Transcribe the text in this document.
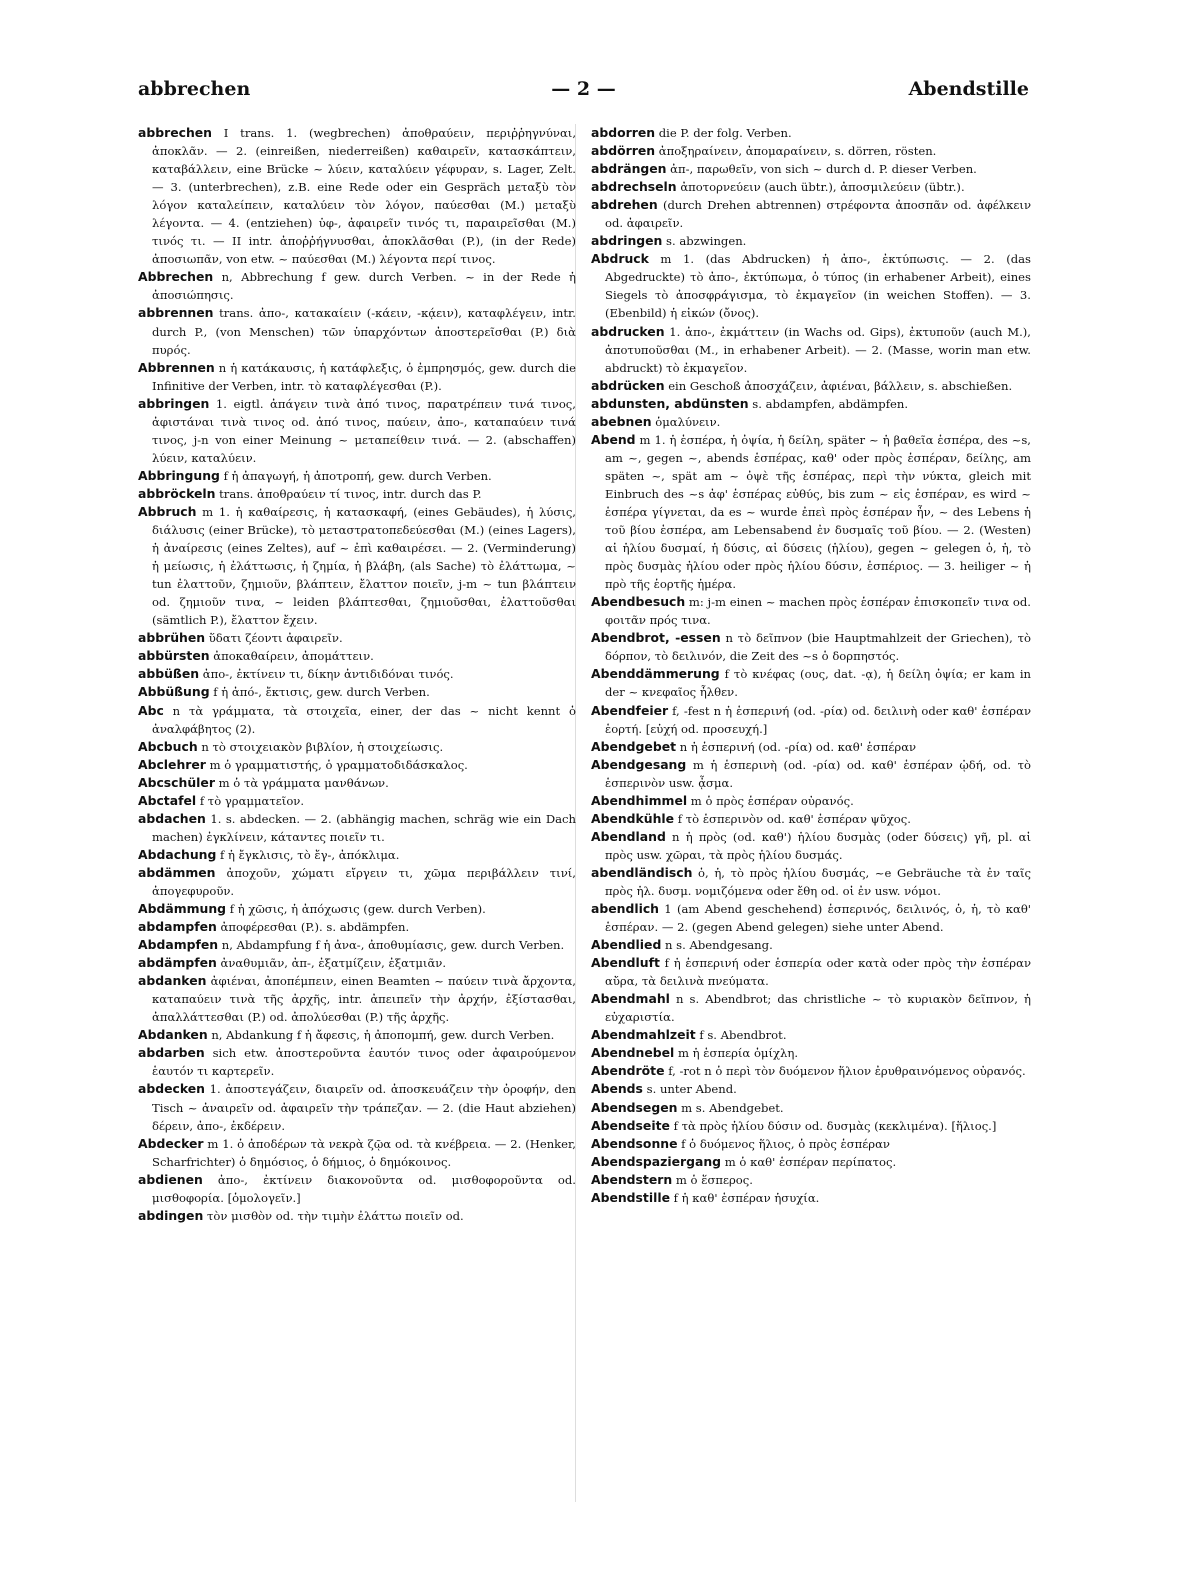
abbrechen	— 2 —	Abendstille

abbrechen I trans. 1. (wegbrechen) ἀποθραύειν, περιῤῥηγνύναι, ἀποκλᾶν. — 2. (einreißen, niederreißen) καθαιρεῖν, κατασκάπτειν, καταβάλλειν, eine Brücke ~ λύειν, καταλύειν γέφυραν, s. Lager, Zelt. — 3. (unterbrechen), z.B. eine Rede oder ein Gespräch μεταξὺ τὸν λόγον καταλείπειν, καταλύειν τὸν λόγον, παύεσθαι (M.) μεταξὺ λέγοντα. — 4. (entziehen) ὑφ-, ἀφαιρεῖν τινός τι, παραιρεῖσθαι (M.) τινός τι. — II intr. ἀποῤῥήγνυσθαι, ἀποκλᾶσθαι (P.), (in der Rede) ἀποσιωπᾶν, von etw. ~ παύεσθαι (M.) λέγοντα περί τινος.

Abbrechen n, Abbrechung f gew. durch Verben. ~ in der Rede ἡ ἀποσιώπησις.

abbrennen trans. ἀπο-, κατακαίειν (-κάειν, -κᾴειν), καταφλέγειν, intr. durch P., (von Menschen) τῶν ὑπαρχόντων ἀποστερεῖσθαι (P.) διὰ πυρός.

Abbrennen n ἡ κατάκαυσις, ἡ κατάφλεξις, ὁ ἐμπρησμός, gew. durch die Infinitive der Verben, intr. τὸ καταφλέγεσθαι (P.).

abbringen 1. eigtl. ἀπάγειν τινὰ ἀπό τινος, παρατρέπειν τινά τινος, ἀφιστάναι τινὰ τινος od. ἀπό τινος, παύειν, ἀπο-, καταπαύειν τινά τινος, j-n von einer Meinung ~ μεταπείθειν τινά. — 2. (abschaffen) λύειν, καταλύειν.

Abbringung f ἡ ἀπαγωγή, ἡ ἀποτροπή, gew. durch Verben.

abbröckeln trans. ἀποθραύειν τί τινος, intr. durch das P.

Abbruch m 1. ἡ καθαίρεσις, ἡ κατασκαφή, (eines Gebäudes), ἡ λύσις, διάλυσις (einer Brücke), τὸ μεταστρατοπεδεύεσθαι (M.) (eines Lagers), ἡ ἀναίρεσις (eines Zeltes), auf ~ ἐπὶ καθαιρέσει. — 2. (Verminderung) ἡ μείωσις, ἡ ἐλάττωσις, ἡ ζημία, ἡ βλάβη, (als Sache) τὸ ἐλάττωμα, ~ tun ἐλαττοῦν, ζημιοῦν, βλάπτειν, ἔλαττον ποιεῖν, j-m ~ tun βλάπτειν od. ζημιοῦν τινα, ~ leiden βλάπτεσθαι, ζημιοῦσθαι, ἐλαττοῦσθαι (sämtlich P.), ἔλαττον ἔχειν.

abbrühen ὕδατι ζέοντι ἀφαιρεῖν.

abbürsten ἀποκαθαίρειν, ἀπομάττειν.

abbüßen ἀπο-, ἐκτίνειν τι, δίκην ἀντιδιδόναι τινός.

Abbüßung f ἡ ἀπό-, ἔκτισις, gew. durch Verben.

Abc n τὰ γράμματα, τὰ στοιχεῖα, einer, der das ~ nicht kennt ὁ ἀναλφάβητος (2).

Abcbuch n τὸ στοιχειακὸν βιβλίον, ἡ στοιχείωσις.

Abclehrer m ὁ γραμματιστής, ὁ γραμματοδιδάσκαλος.

Abcschüler m ὁ τὰ γράμματα μανθάνων.

Abctafel f τὸ γραμματεῖον.

abdachen 1. s. abdecken. — 2. (abhängig machen, schräg wie ein Dach machen) ἐγκλίνειν, κάταντες ποιεῖν τι.

Abdachung f ἡ ἔγκλισις, τὸ ἔγ-, ἀπόκλιμα.

abdämmen ἀποχοῦν, χώματι εἴργειν τι, χῶμα περιβάλλειν τινί, ἀπογεφυροῦν.

Abdämmung f ἡ χῶσις, ἡ ἀπόχωσις (gew. durch Verben).

abdampfen ἀποφέρεσθαι (P.). s. abdämpfen.

Abdampfen n, Abdampfung f ἡ ἀνα-, ἀποθυμίασις, gew. durch Verben.

abdämpfen ἀναθυμιᾶν, ἀπ-, ἐξατμίζειν, ἐξατμιᾶν.

abdanken ἀφιέναι, ἀποπέμπειν, einen Beamten ~ παύειν τινὰ ἄρχοντα, καταπαύειν τινὰ τῆς ἀρχῆς, intr. ἀπειπεῖν τὴν ἀρχήν, ἐξίστασθαι, ἀπαλλάττεσθαι (P.) od. ἀπολύεσθαι (P.) τῆς ἀρχῆς.

Abdanken n, Abdankung f ἡ ἄφεσις, ἡ ἀποπομπή, gew. durch Verben.

abdarben sich etw. ἀποστεροῦντα ἑαυτόν τινος oder ἀφαιρούμενον ἑαυτόν τι καρτερεῖν.

abdecken 1. ἀποστεγάζειν, διαιρεῖν od. ἀποσκευάζειν τὴν ὀροφήν, den Tisch ~ ἀναιρεῖν od. ἀφαιρεῖν τὴν τράπεζαν. — 2. (die Haut abziehen) δέρειν, ἀπο-, ἐκδέρειν.

Abdecker m 1. ὁ ἀποδέρων τὰ νεκρὰ ζῷα od. τὰ κνέβρεια. — 2. (Henker, Scharfrichter) ὁ δημόσιος, ὁ δήμιος, ὁ δημόκοινος.

abdienen ἀπο-, ἐκτίνειν διακονοῦντα od. μισθοφοροῦντα od. μισθοφορία. [ὁμολογεῖν.]

abdingen τὸν μισθὸν od. τὴν τιμὴν ἐλάττω ποιεῖν od.

abdorren die P. der folg. Verben.

abdörren ἀποξηραίνειν, ἀπομαραίνειν, s. dörren, rösten.

abdrängen ἀπ-, παρωθεῖν, von sich ~ durch d. P. dieser Verben.

abdrechseln ἀποτορνεύειν (auch übtr.), ἀποσμιλεύειν (übtr.).

abdrehen (durch Drehen abtrennen) στρέφοντα ἀποσπᾶν od. ἀφέλκειν od. ἀφαιρεῖν.

abdringen s. abzwingen.

Abdruck m 1. (das Abdrucken) ἡ ἀπο-, ἐκτύπωσις. — 2. (das Abgedruckte) τὸ ἀπο-, ἐκτύπωμα, ὁ τύπος (in erhabener Arbeit), eines Siegels τὸ ἀποσφράγισμα, τὸ ἐκμαγεῖον (in weichen Stoffen). — 3. (Ebenbild) ἡ εἰκών (ὄνος).

abdrucken 1. ἀπο-, ἐκμάττειν (in Wachs od. Gips), ἐκτυποῦν (auch M.), ἀποτυποῦσθαι (M., in erhabener Arbeit). — 2. (Masse, worin man etw. abdruckt) τὸ ἐκμαγεῖον.

abdrücken ein Geschoß ἀποσχάζειν, ἀφιέναι, βάλλειν, s. abschießen.

abdunsten, abdünsten s. abdampfen, abdämpfen.

abebnen ὁμαλύνειν.

Abend m 1. ἡ ἑσπέρα, ἡ ὀψία, ἡ δείλη, später ~ ἡ βαθεῖα ἑσπέρα, des ~s, am ~, gegen ~, abends ἑσπέρας, καθ' oder πρὸς ἑσπέραν, δείλης, am späten ~, spät am ~ ὀψὲ τῆς ἑσπέρας, περὶ τὴν νύκτα, gleich mit Einbruch des ~s ἀφ' ἑσπέρας εὐθύς, bis zum ~ εἰς ἑσπέραν, es wird ~ ἑσπέρα γίγνεται, da es ~ wurde ἐπεὶ πρὸς ἑσπέραν ἦν, ~ des Lebens ἡ τοῦ βίου ἑσπέρα, am Lebensabend ἐν δυσμαῖς τοῦ βίου. — 2. (Westen) αἱ ἡλίου δυσμαί, ἡ δύσις, αἱ δύσεις (ἡλίου), gegen ~ gelegen ὁ, ἡ, τὸ πρὸς δυσμὰς ἡλίου oder πρὸς ἡλίου δύσιν, ἑσπέριος. — 3. heiliger ~ ἡ πρὸ τῆς ἑορτῆς ἡμέρα.

Abendbesuch m: j-m einen ~ machen πρὸς ἑσπέραν ἐπισκοπεῖν τινα od. φοιτᾶν πρός τινα.

Abendbrot, -essen n τὸ δεῖπνον (bie Hauptmahlzeit der Griechen), τὸ δόρπον, τὸ δειλινόν, die Zeit des ~s ὁ δορπηστός.

Abenddämmerung f τὸ κνέφας (ους, dat. -ᾳ), ἡ δείλη ὀψία; er kam in der ~ κνεφαῖος ἦλθεν.

Abendfeier f, -fest n ἡ ἑσπερινή (od. -ρία) od. δειλινὴ oder καθ' ἑσπέραν ἑορτή. [εὐχή od. προσευχή.]

Abendgebet n ἡ ἑσπερινή (od. -ρία) od. καθ' ἑσπέραν

Abendgesang m ἡ ἑσπερινὴ (od. -ρία) od. καθ' ἑσπέραν ᾠδή, od. τὸ ἑσπερινὸν usw. ᾆσμα.

Abendhimmel m ὁ πρὸς ἑσπέραν οὐρανός.

Abendkühle f τὸ ἑσπερινὸν od. καθ' ἑσπέραν ψῦχος.

Abendland n ἡ πρὸς (od. καθ') ἡλίου δυσμὰς (oder δύσεις) γῆ, pl. αἱ πρὸς usw. χῶραι, τὰ πρὸς ἡλίου δυσμάς.

abendländisch ὁ, ἡ, τὸ πρὸς ἡλίου δυσμάς, ~e Gebräuche τὰ ἐν ταῖς πρὸς ἡλ. δυσμ. νομιζόμενα oder ἔθη od. οἱ ἐν usw. νόμοι.

abendlich 1 (am Abend geschehend) ἑσπερινός, δειλινός, ὁ, ἡ, τὸ καθ' ἑσπέραν. — 2. (gegen Abend gelegen) siehe unter Abend.

Abendlied n s. Abendgesang.

Abendluft f ἡ ἑσπερινή oder ἑσπερία oder κατὰ oder πρὸς τὴν ἑσπέραν αὔρα, τὰ δειλινὰ πνεύματα.

Abendmahl n s. Abendbrot; das christliche ~ τὸ κυριακὸν δεῖπνον, ἡ εὐχαριστία.

Abendmahlzeit f s. Abendbrot.

Abendnebel m ἡ ἑσπερία ὁμίχλη.

Abendröte f, -rot n ὁ περὶ τὸν δυόμενον ἥλιον ἐρυθραινόμενος οὐρανός.

Abends s. unter Abend.

Abendsegen m s. Abendgebet.

Abendseite f τὰ πρὸς ἡλίου δύσιν od. δυσμὰς (κεκλιμένα). [ἥλιος.]

Abendsonne f ὁ δυόμενος ἥλιος, ὁ πρὸς ἑσπέραν

Abendspaziergang m ὁ καθ' ἑσπέραν περίπατος.

Abendstern m ὁ ἕσπερος.

Abendstille f ἡ καθ' ἑσπέραν ἡσυχία.
